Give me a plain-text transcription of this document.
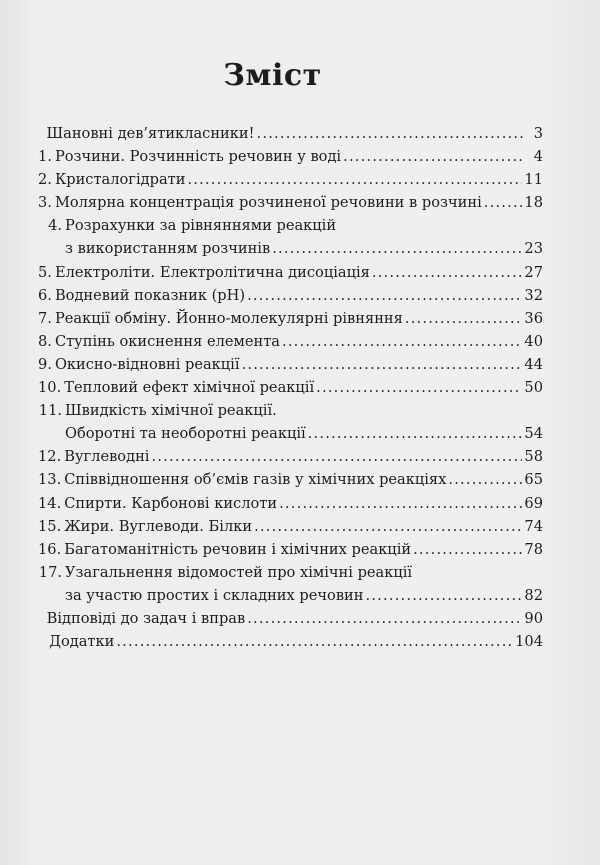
Зміст
Шановні дев’ятикласники! .....	3
1. Розчини. Розчинність речовин у воді .....	4
2. Кристалогідрати .....	11
3. Молярна концентрація розчиненої речовини в розчині .....	18
4. Розрахунки за рівняннями реакцій
з використанням розчинів .....	23
5. Електроліти. Електролітична дисоціація .....	27
6. Водневий показник (pH) .....	32
7. Реакції обміну. Йонно-молекулярні рівняння .....	36
8. Ступінь окиснення елемента .....	40
9. Окисно-відновні реакції .....	44
10. Тепловий ефект хімічної реакції .....	50
11. Швидкість хімічної реакції.
Оборотні та необоротні реакції .....	54
12. Вуглеводні .....	58
13. Співвідношення об’ємів газів у хімічних реакціях .....	65
14. Спирти. Карбонові кислоти .....	69
15. Жири. Вуглеводи. Білки .....	74
16. Багатоманітність речовин і хімічних реакцій .....	78
17. Узагальнення відомостей про хімічні реакції
за участю простих і складних речовин .....	82
Відповіді до задач і вправ .....	90
Додатки .....	104
